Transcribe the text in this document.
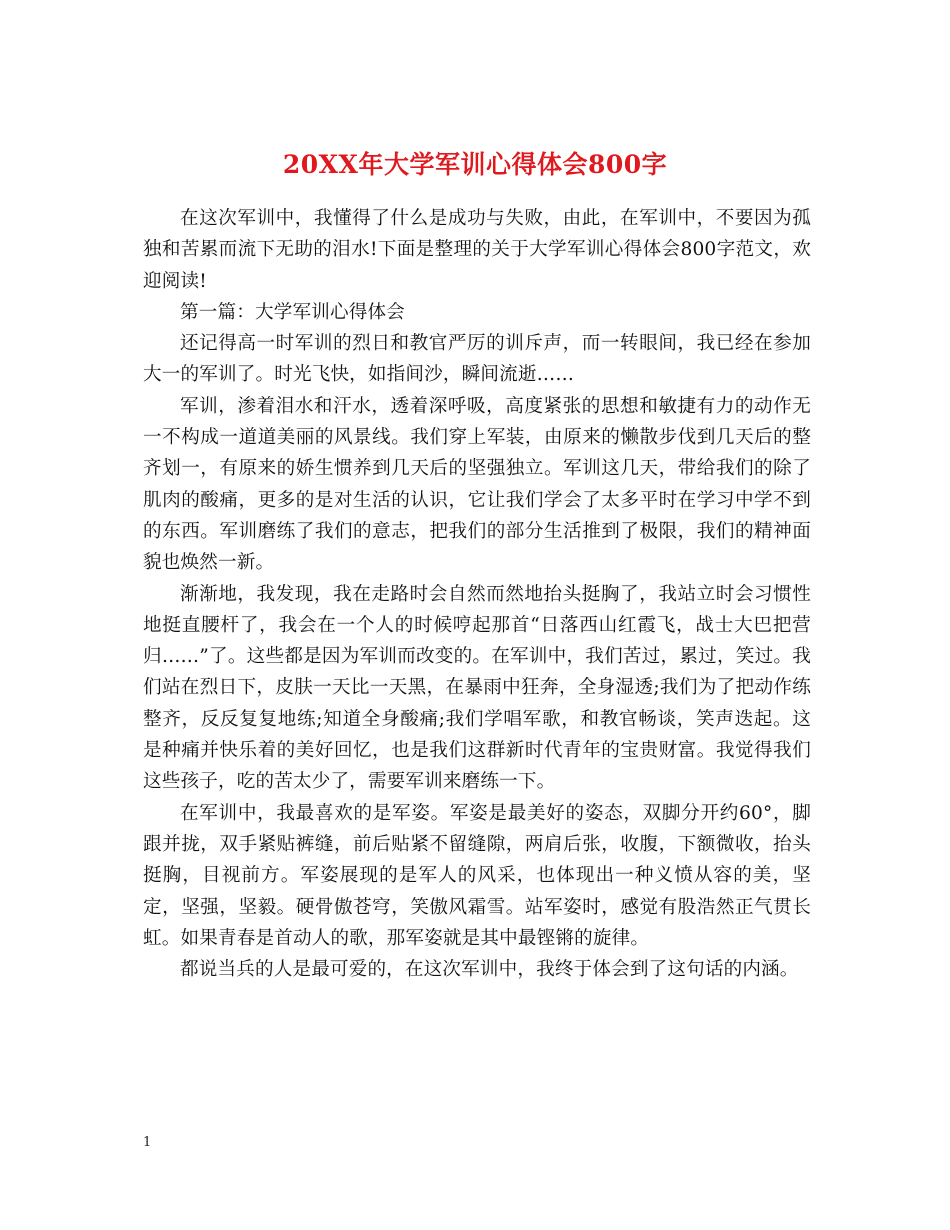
20XX年大学军训心得体会800字

在这次军训中，我懂得了什么是成功与失败，由此，在军训中，不要因为孤独和苦累而流下无助的泪水!下面是整理的关于大学军训心得体会800字范文，欢迎阅读!

第一篇：大学军训心得体会

还记得高一时军训的烈日和教官严厉的训斥声，而一转眼间，我已经在参加大一的军训了。时光飞快，如指间沙，瞬间流逝……

军训，渗着泪水和汗水，透着深呼吸，高度紧张的思想和敏捷有力的动作无一不构成一道道美丽的风景线。我们穿上军装，由原来的懒散步伐到几天后的整齐划一，有原来的娇生惯养到几天后的坚强独立。军训这几天，带给我们的除了肌肉的酸痛，更多的是对生活的认识，它让我们学会了太多平时在学习中学不到的东西。军训磨练了我们的意志，把我们的部分生活推到了极限，我们的精神面貌也焕然一新。

渐渐地，我发现，我在走路时会自然而然地抬头挺胸了，我站立时会习惯性地挺直腰杆了，我会在一个人的时候哼起那首“日落西山红霞飞，战士大巴把营归……”了。这些都是因为军训而改变的。在军训中，我们苦过，累过，笑过。我们站在烈日下，皮肤一天比一天黑，在暴雨中狂奔，全身湿透;我们为了把动作练整齐，反反复复地练;知道全身酸痛;我们学唱军歌，和教官畅谈，笑声迭起。这是种痛并快乐着的美好回忆，也是我们这群新时代青年的宝贵财富。我觉得我们这些孩子，吃的苦太少了，需要军训来磨练一下。

在军训中，我最喜欢的是军姿。军姿是最美好的姿态，双脚分开约60°，脚跟并拢，双手紧贴裤缝，前后贴紧不留缝隙，两肩后张，收腹，下额微收，抬头挺胸，目视前方。军姿展现的是军人的风采，也体现出一种义愤从容的美，坚定，坚强，坚毅。硬骨傲苍穹，笑傲风霜雪。站军姿时，感觉有股浩然正气贯长虹。如果青春是首动人的歌，那军姿就是其中最铿锵的旋律。

都说当兵的人是最可爱的，在这次军训中，我终于体会到了这句话的内涵。

1
